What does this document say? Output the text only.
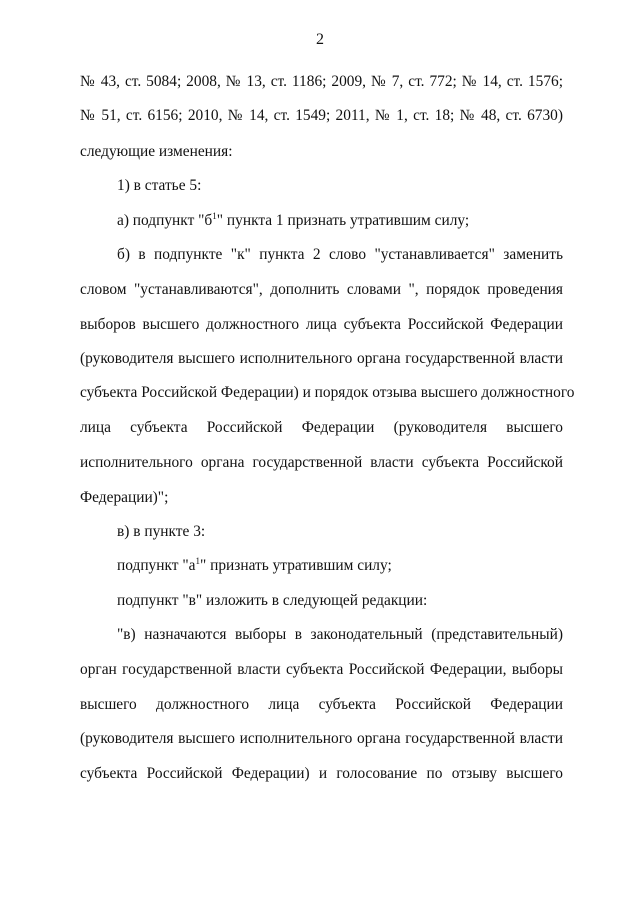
2
№ 43, ст. 5084; 2008, № 13, ст. 1186; 2009, № 7, ст. 772; № 14, ст. 1576;
№ 51, ст. 6156; 2010, № 14, ст. 1549; 2011, № 1, ст. 18; № 48, ст. 6730)
следующие изменения:
1) в статье 5:
а) подпункт "$б^1$" пункта 1 признать утратившим силу;
б) в подпункте "к" пункта 2 слово "устанавливается" заменить
словом "устанавливаются", дополнить словами ", порядок проведения
выборов высшего должностного лица субъекта Российской Федерации
(руководителя высшего исполнительного органа государственной власти
субъекта Российской Федерации) и порядок отзыва высшего должностного
лица субъекта Российской Федерации (руководителя высшего
исполнительного органа государственной власти субъекта Российской
Федерации)";
в) в пункте 3:
подпункт "$а^1$" признать утратившим силу;
подпункт "в" изложить в следующей редакции:
"в) назначаются выборы в законодательный (представительный)
орган государственной власти субъекта Российской Федерации, выборы
высшего должностного лица субъекта Российской Федерации
(руководителя высшего исполнительного органа государственной власти
субъекта Российской Федерации) и голосование по отзыву высшего
